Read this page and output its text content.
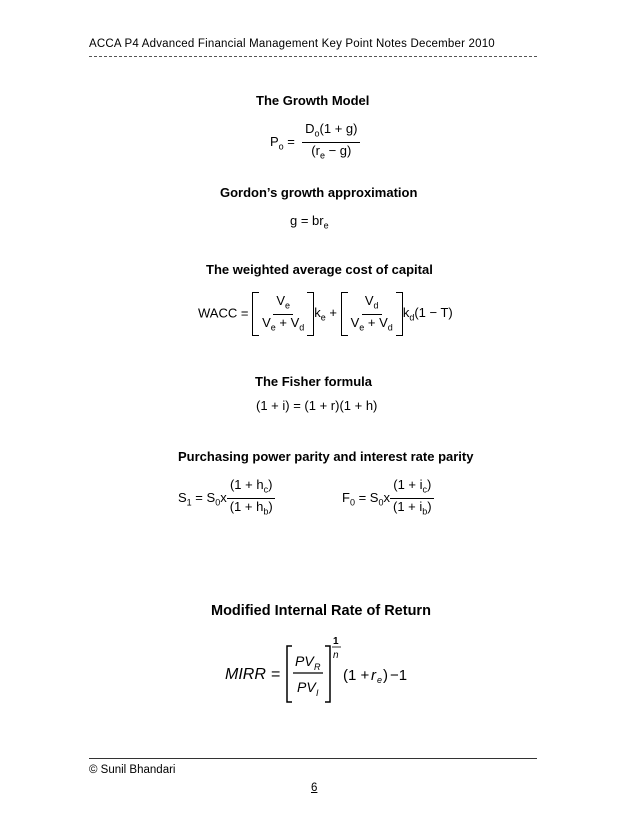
ACCA P4 Advanced Financial Management Key Point Notes December 2010
The Growth Model
$P_o = \frac{D_o(1 + g)}{(r_e - g)}$
Gordon’s growth approximation
$g = br_e$
The weighted average cost of capital
WACC = $\frac{V_e}{V_e + V_d} k_e + \frac{V_d}{V_e + V_d} k_d(1 - T)$
The Fisher formula
(1 + i) = (1 + r)(1 + h)
Purchasing power parity and interest rate parity
$S_1 = S_0x \frac{(1 + h_c)}{(1 + h_b)}$	$F_0 = S_0x \frac{(1 + i_c)}{(1 + i_b)}$
Modified Internal Rate of Return
MIRR =
PV R
PV I
1
n
(1 + r e ) −1
© Sunil Bhandari
6
